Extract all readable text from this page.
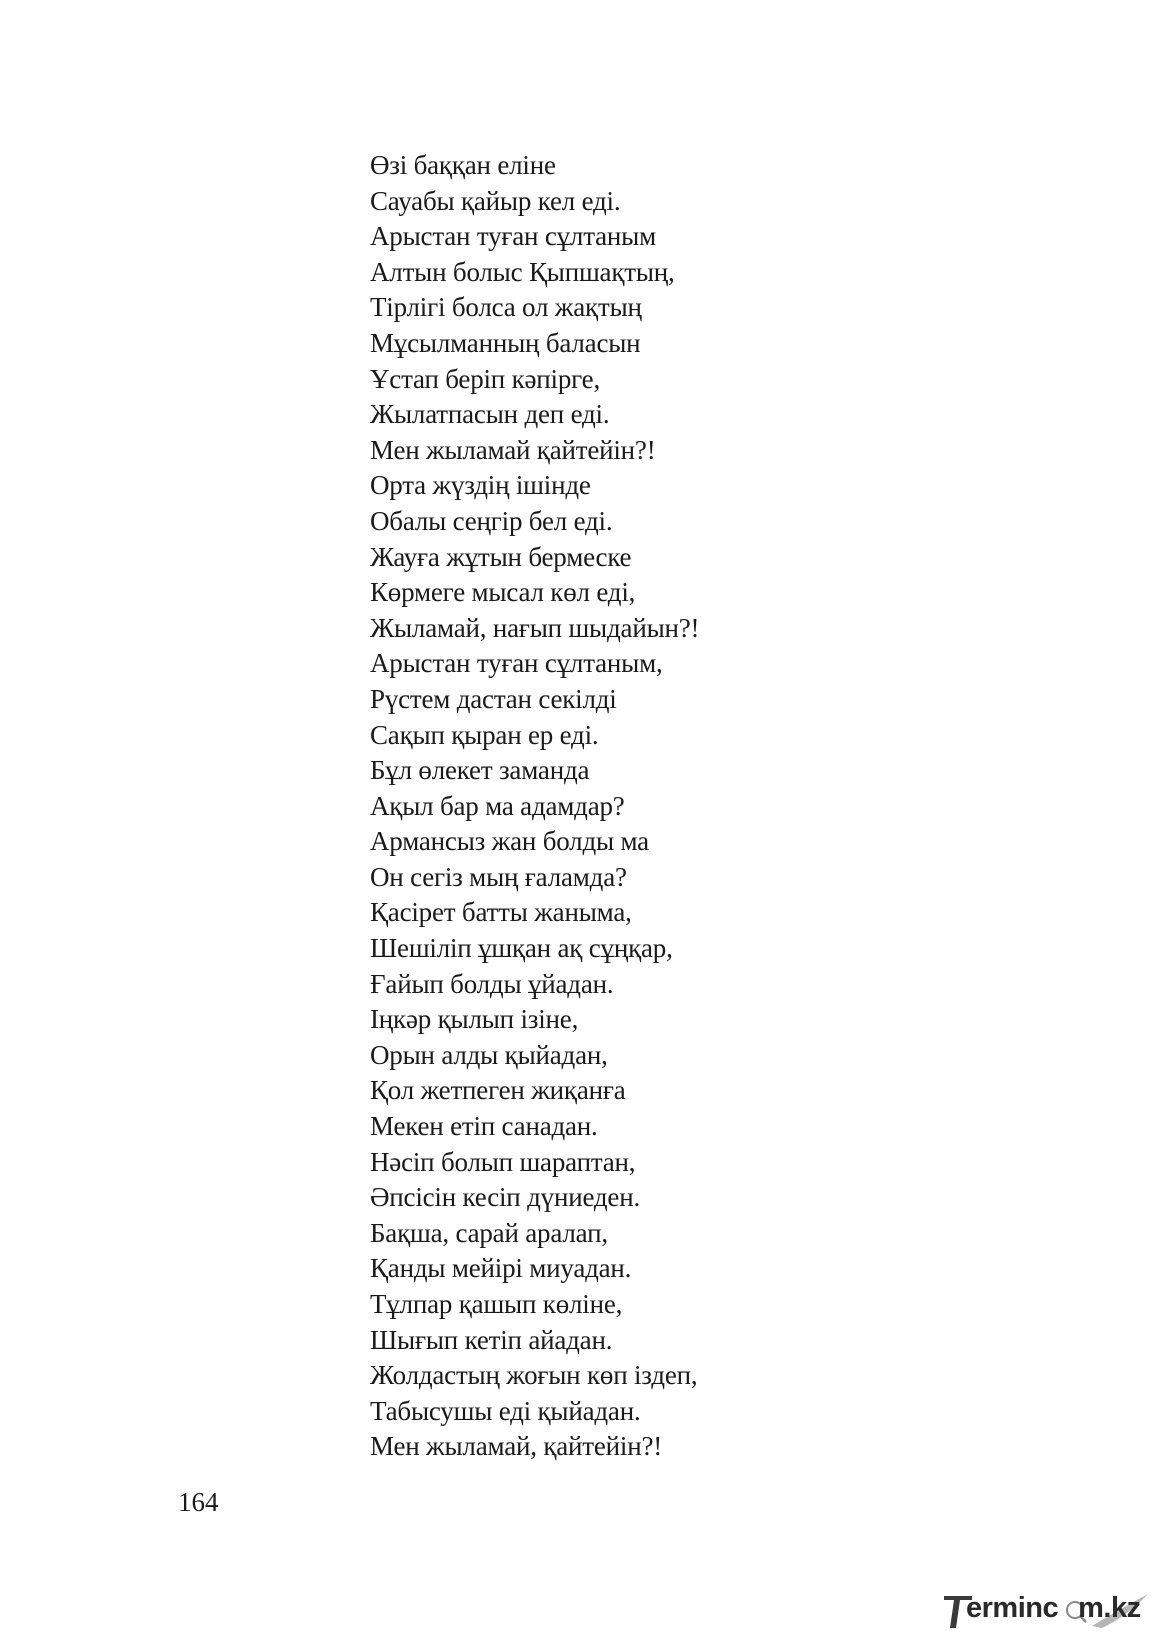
Өзі баққан еліне
Сауабы қайыр кел еді.
Арыстан туған сұлтаным
Алтын болыс Қыпшақтың,
Тірлігі болса ол жақтың
Мұсылманның баласын
Ұстап беріп кәпірге,
Жылатпасын деп еді.
Мен жыламай қайтейін?!
Орта жүздің ішінде
Обалы сеңгір бел еді.
Жауға жұтын бермеске
Көрмеге мысал көл еді,
Жыламай, нағып шыдайын?!
Арыстан туған сұлтаным,
Рүстем дастан секілді
Сақып қыран ер еді.
Бұл өлекет заманда
Ақыл бар ма адамдар?
Армансыз жан болды ма
Он сегіз мың ғаламда?
Қасірет батты жаныма,
Шешіліп ұшқан ақ сұңқар,
Ғайып болды ұйадан.
Іңкәр қылып ізіне,
Орын алды қыйадан,
Қол жетпеген жиқанға
Мекен етіп санадан.
Нәсіп болып шараптан,
Әпсісін кесіп дүниеден.
Бақша, сарай аралап,
Қанды мейірі миуадан.
Тұлпар қашып көліне,
Шығып кетіп айадан.
Жолдастың жоғын көп іздеп,
Табысушы еді қыйадан.
Мен жыламай, қайтейін?!
164
erminc m.kz
